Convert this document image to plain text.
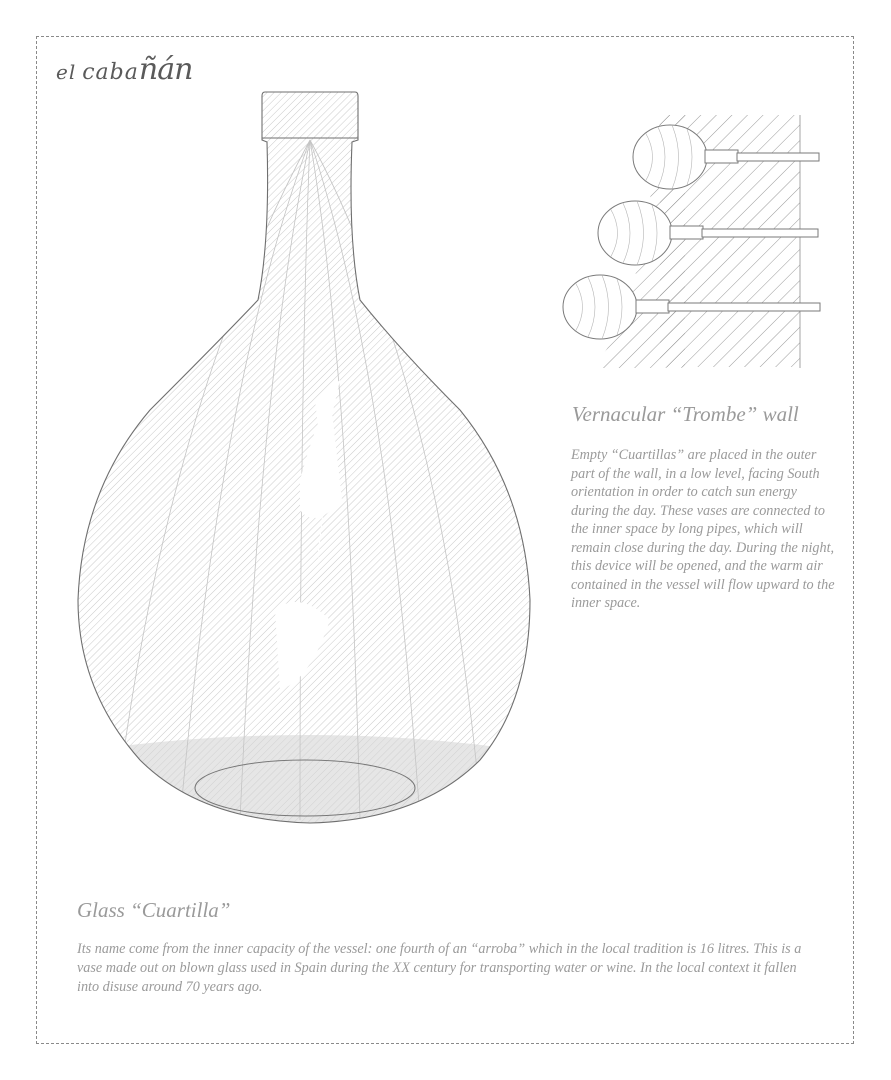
el cabañán
Vernacular “Trombe” wall
Empty “Cuartillas” are placed in the outer part of the wall, in a low level, facing South orientation in order to catch sun energy during the day. These vases are connected to the inner space by long pipes, which will remain close during the day. During the night, this device will be opened, and the warm air contained in the vessel will flow upward to the inner space.
Glass “Cuartilla”
Its name come from the inner capacity of the vessel: one fourth of an “arroba” which in the local tradition is 16 litres. This is a vase made out on blown glass used in Spain during the XX century for transporting water or wine. In the local context it fallen into disuse around 70 years ago.
